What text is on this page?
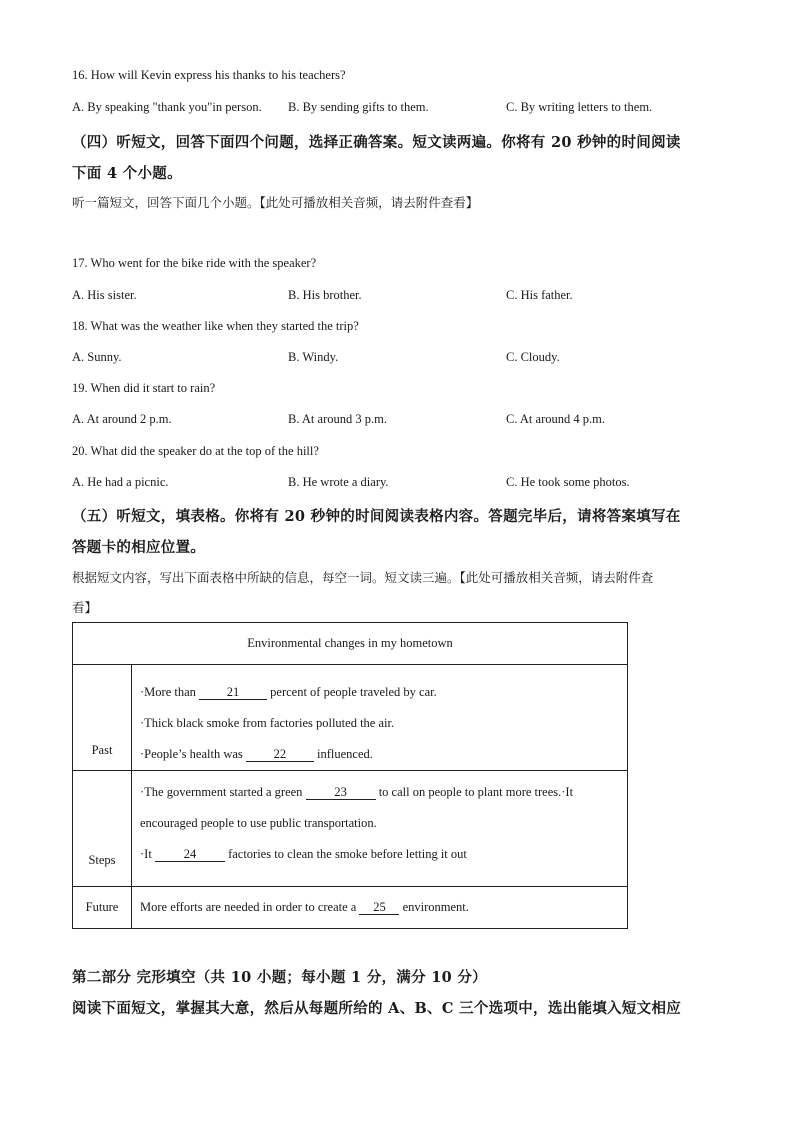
16. How will Kevin express his thanks to his teachers?
A. By speaking "thank you"in person. B. By sending gifts to them.	C. By writing letters to them.
（四）听短文，回答下面四个问题，选择正确答案。短文读两遍。你将有 20 秒钟的时间阅读
下面 4 个小题。
听一篇短文，回答下面几个小题。【此处可播放相关音频，请去附件查看】
17. Who went for the bike ride with the speaker?
A. His sister.	B. His brother.	C. His father.
18. What was the weather like when they started the trip?
A. Sunny.	B. Windy.	C. Cloudy.
19. When did it start to rain?
A. At around 2 p.m.	B. At around 3 p.m.	C. At around 4 p.m.
20. What did the speaker do at the top of the hill?
A. He had a picnic.	B. He wrote a diary.	C. He took some photos.
（五）听短文，填表格。你将有 20 秒钟的时间阅读表格内容。答题完毕后，请将答案填写在
答题卡的相应位置。
根据短文内容，写出下面表格中所缺的信息，每空一词。短文读三遍。【此处可播放相关音频，请去附件查
看】
Environmental changes in my hometown	
Past	·More than 21 percent of people traveled by car.
·Thick black smoke from factories polluted the air.
·People’s health was 22 influenced.

Steps	·The government started a green 23 to call on people to plant more trees.·It
encouraged people to use public transportation.
·It 24 factories to clean the smoke before letting it out

Future	More efforts are needed in order to create a 25 environment.
第二部分 完形填空（共 10 小题；每小题 1 分，满分 10 分）
阅读下面短文，掌握其大意，然后从每题所给的 A、B、C 三个选项中，选出能填入短文相应
